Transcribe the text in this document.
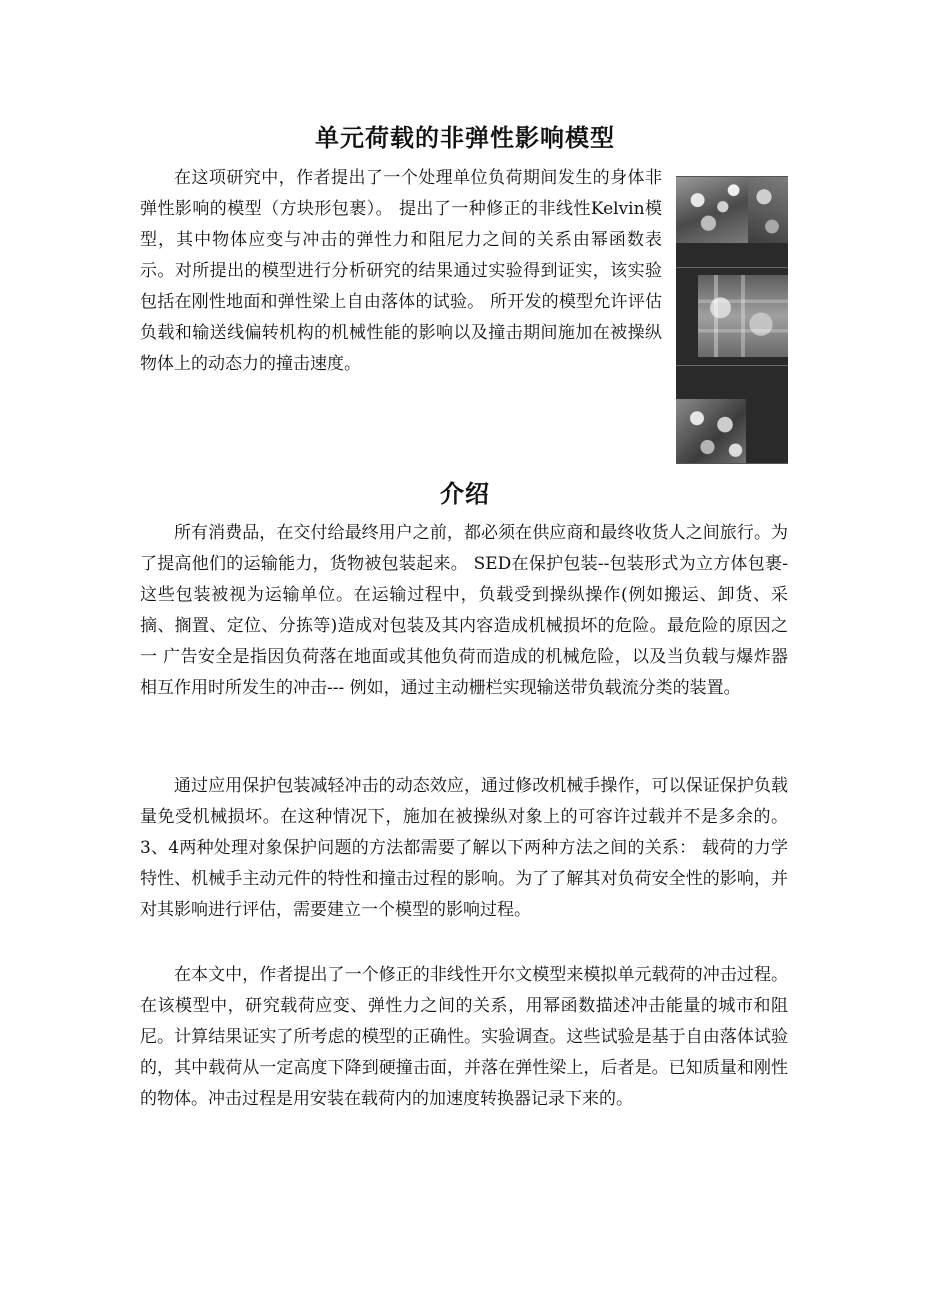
单元荷载的非弹性影响模型

在这项研究中，作者提出了一个处理单位负荷期间发生的身体非弹性影响的模型（方块形包裹）。 提出了一种修正的非线性Kelvin模型，其中物体应变与冲击的弹性力和阻尼力之间的关系由幂函数表示。对所提出的模型进行分析研究的结果通过实验得到证实，该实验包括在刚性地面和弹性梁上自由落体的试验。 所开发的模型允许评估负载和输送线偏转机构的机械性能的影响以及撞击期间施加在被操纵物体上的动态力的撞击速度。

介绍

所有消费品，在交付给最终用户之前，都必须在供应商和最终收货人之间旅行。为了提高他们的运输能力，货物被包装起来。 SED在保护包装--包装形式为立方体包裹-这些包装被视为运输单位。在运输过程中，负载受到操纵操作(例如搬运、卸货、采摘、搁置、定位、分拣等)造成对包装及其内容造成机械损坏的危险。最危险的原因之一 广告安全是指因负荷落在地面或其他负荷而造成的机械危险，以及当负载与爆炸器相互作用时所发生的冲击--- 例如，通过主动栅栏实现输送带负载流分类的装置。

通过应用保护包装减轻冲击的动态效应，通过修改机械手操作，可以保证保护负载量免受机械损坏。在这种情况下，施加在被操纵对象上的可容许过载并不是多余的。3、4两种处理对象保护问题的方法都需要了解以下两种方法之间的关系： 载荷的力学特性、机械手主动元件的特性和撞击过程的影响。为了了解其对负荷安全性的影响，并对其影响进行评估，需要建立一个模型的影响过程。

在本文中，作者提出了一个修正的非线性开尔文模型来模拟单元载荷的冲击过程。在该模型中，研究载荷应变、弹性力之间的关系，用幂函数描述冲击能量的城市和阻尼。计算结果证实了所考虑的模型的正确性。实验调查。这些试验是基于自由落体试验的，其中载荷从一定高度下降到硬撞击面，并落在弹性梁上，后者是。已知质量和刚性的物体。冲击过程是用安装在载荷内的加速度转换器记录下来的。
